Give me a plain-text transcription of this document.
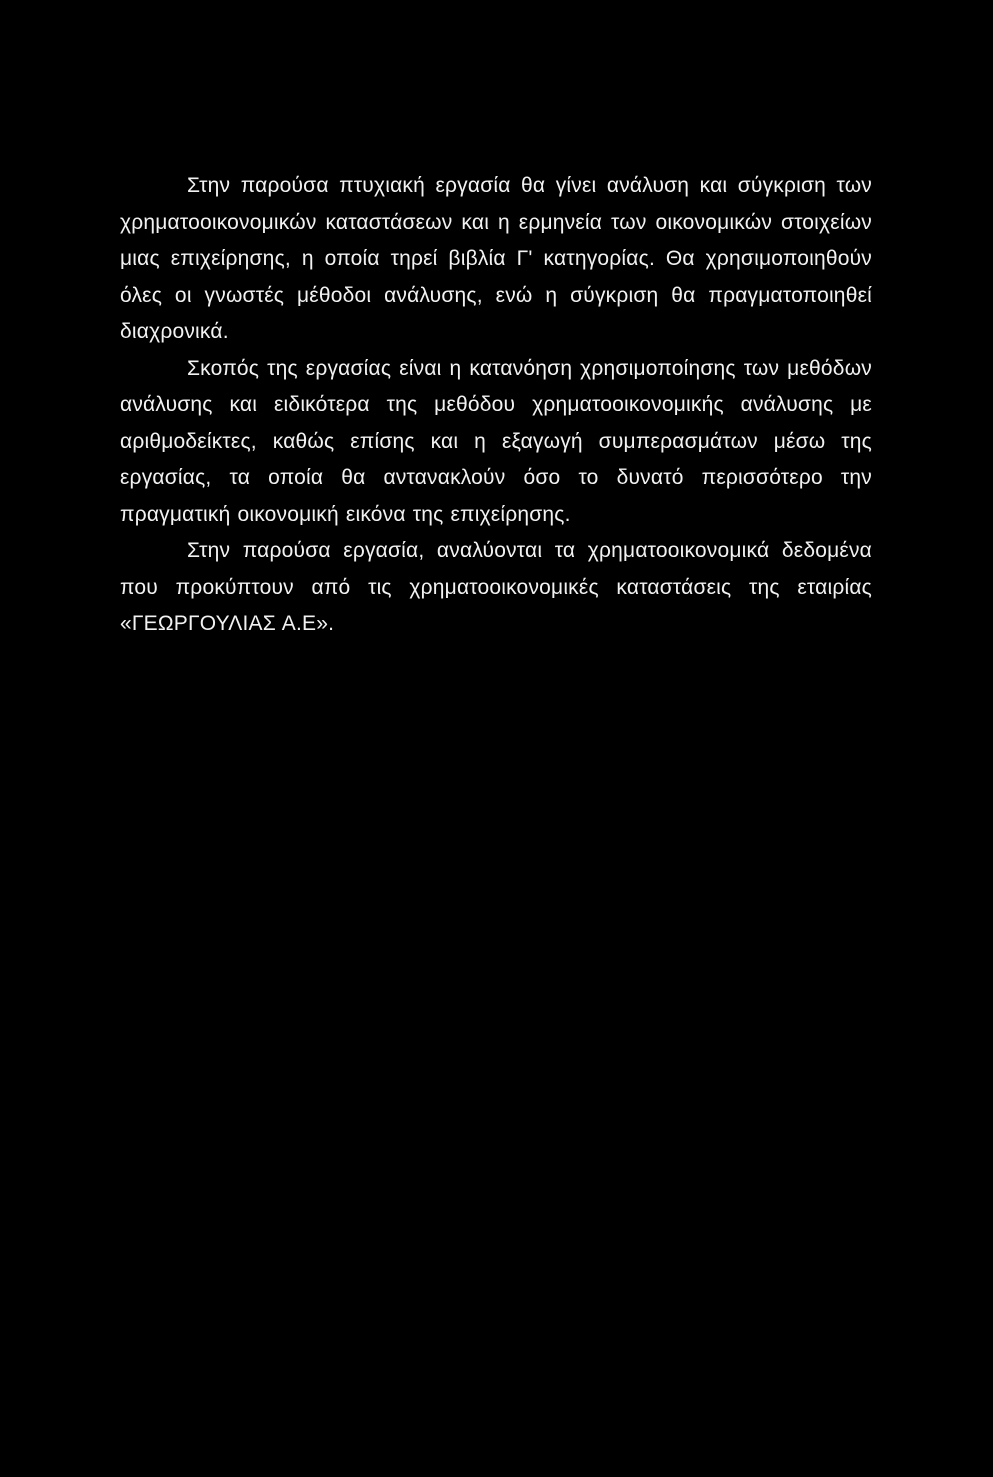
Στην παρούσα πτυχιακή εργασία θα γίνει ανάλυση και σύγκριση των χρηματοοικονομικών καταστάσεων και η ερμηνεία των οικονομικών στοιχείων μιας επιχείρησης, η οποία τηρεί βιβλία Γ' κατηγορίας. Θα χρησιμοποιηθούν όλες οι γνωστές μέθοδοι ανάλυσης, ενώ η σύγκριση θα πραγματοποιηθεί διαχρονικά.

Σκοπός της εργασίας είναι η κατανόηση χρησιμοποίησης των μεθόδων ανάλυσης και ειδικότερα της μεθόδου χρηματοοικονομικής ανάλυσης με αριθμοδείκτες, καθώς επίσης και η εξαγωγή συμπερασμάτων μέσω της εργασίας, τα οποία θα αντανακλούν όσο το δυνατό περισσότερο την πραγματική οικονομική εικόνα της επιχείρησης.

Στην παρούσα εργασία, αναλύονται τα χρηματοοικονομικά δεδομένα που προκύπτουν από τις χρηματοοικονομικές καταστάσεις της εταιρίας «ΓΕΩΡΓΟΥΛΙΑΣ Α.Ε».
